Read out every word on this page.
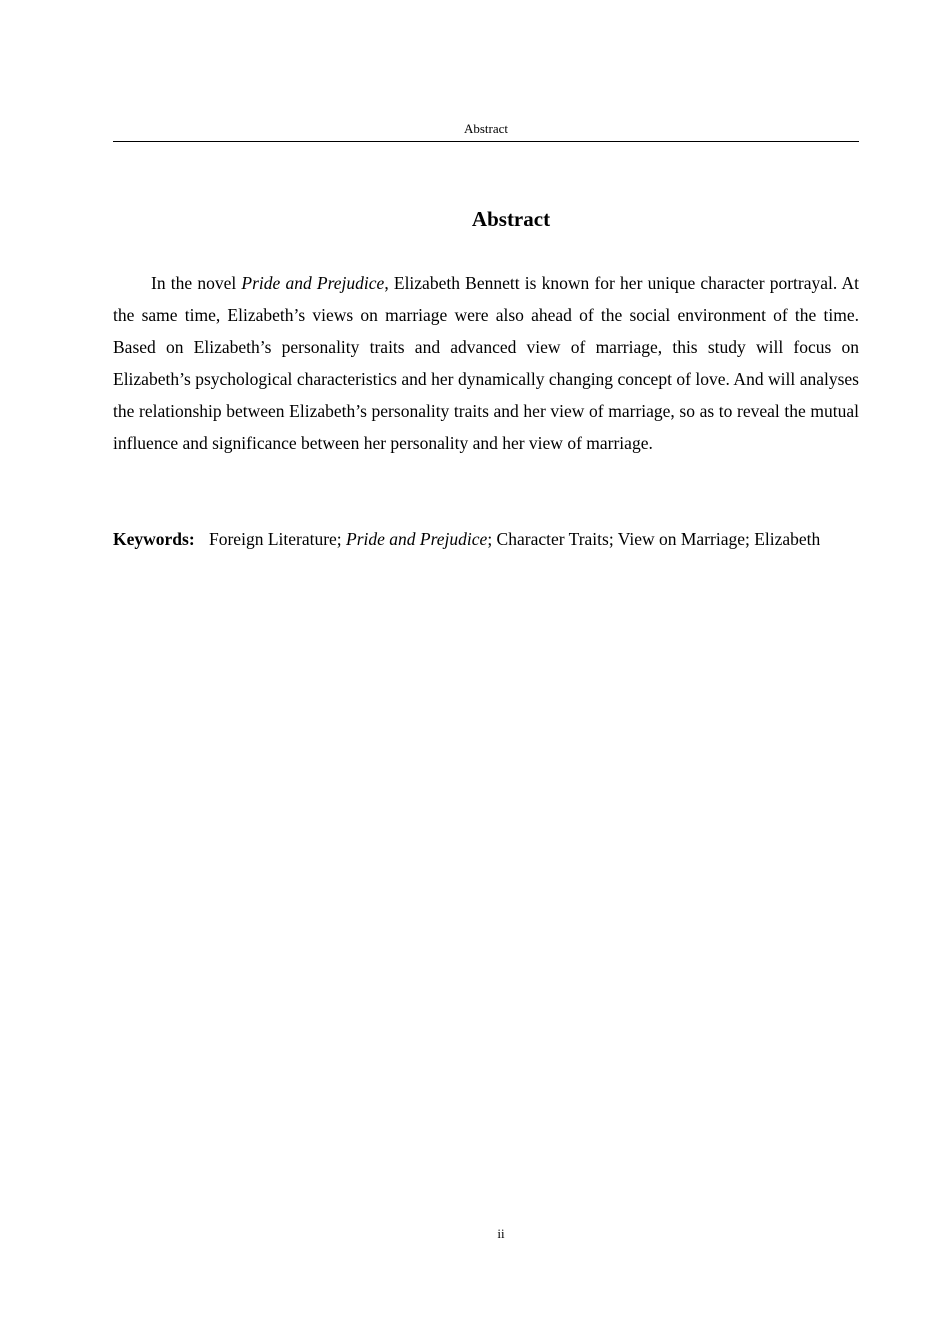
Abstract
Abstract

In the novel Pride and Prejudice, Elizabeth Bennett is known for her unique character portrayal. At the same time, Elizabeth’s views on marriage were also ahead of the social environment of the time. Based on Elizabeth’s personality traits and advanced view of marriage, this study will focus on Elizabeth’s psychological characteristics and her dynamically changing concept of love. And will analyses the relationship between Elizabeth’s personality traits and her view of marriage, so as to reveal the mutual influence and significance between her personality and her view of marriage.

Keywords: Foreign Literature; Pride and Prejudice; Character Traits; View on Marriage; Elizabeth

ii
